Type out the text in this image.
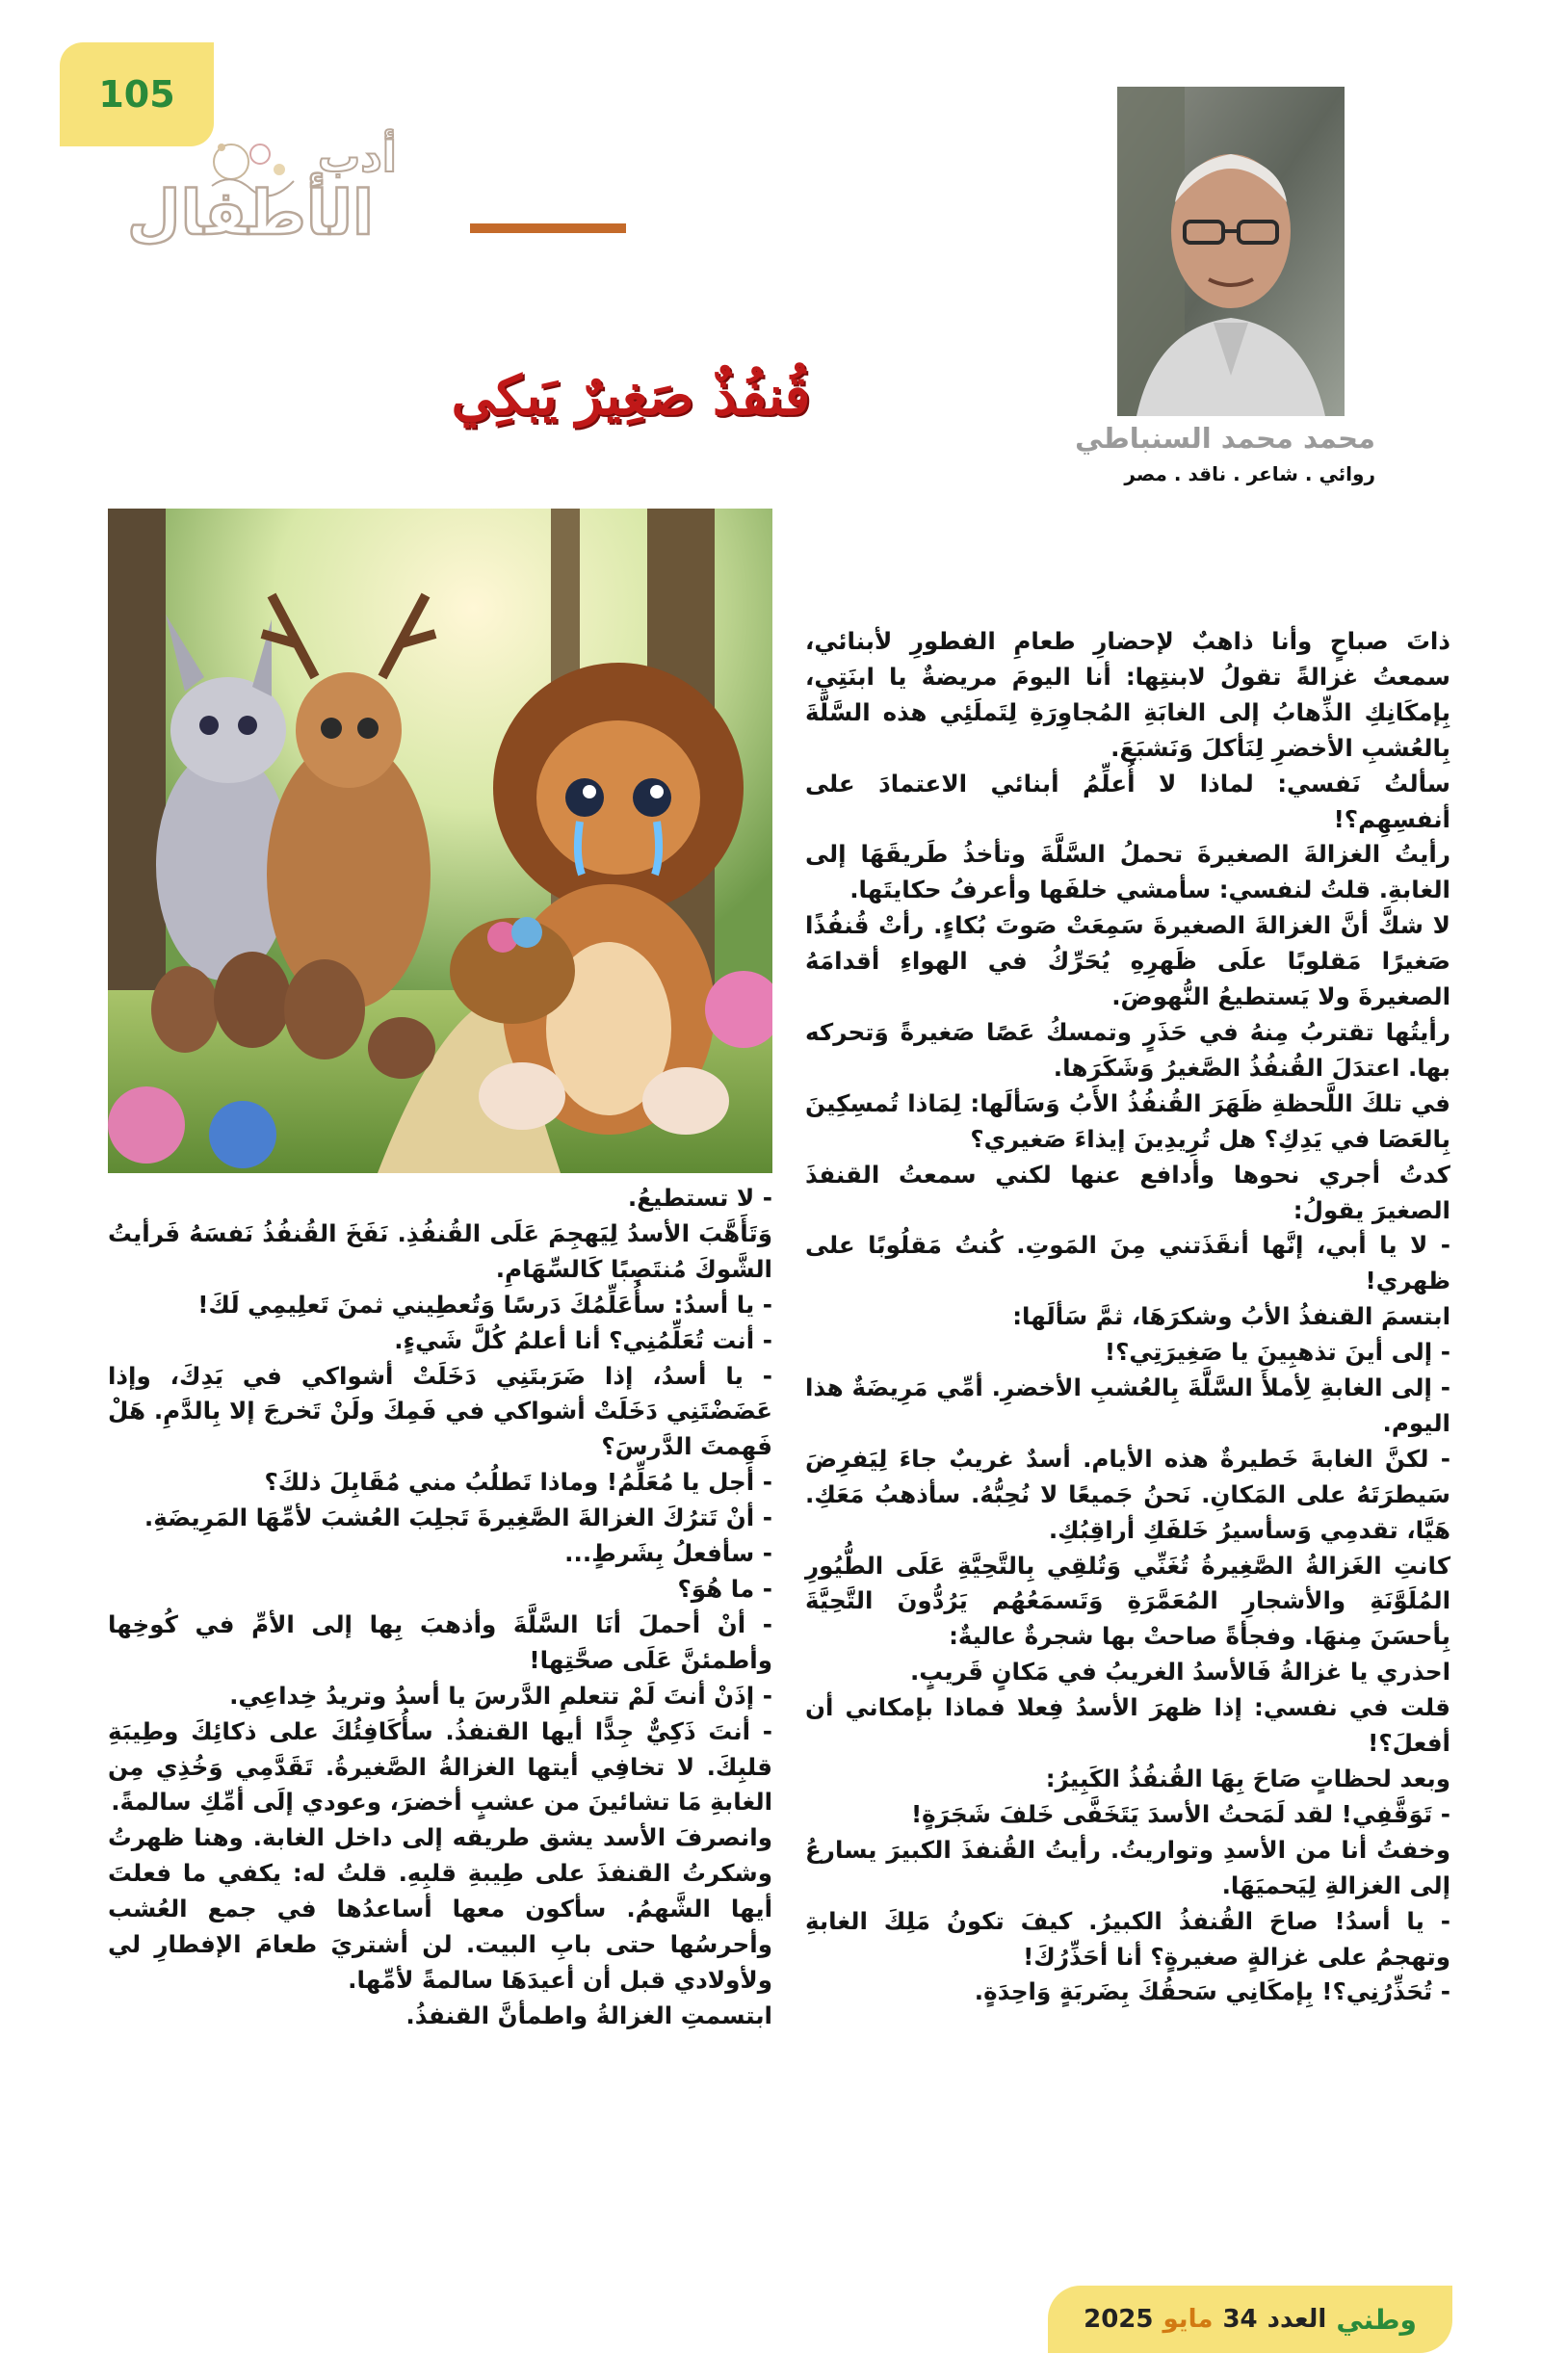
105
أدب
الأطفال
محمد محمد السنباطي
روائي . شاعر . ناقد . مصر
قُنفُذٌ صَغِيرٌ يَبكِي

ذاتَ صباحٍ وأنا ذاهبٌ لإحضارِ طعامِ الفطورِ لأبنائي، سمعتُ غزالةً تقولُ لابنتِها: أنا اليومَ مريضةٌ يا ابنَتِي، بِإمكَانِكِ الذِّهابُ إلى الغابَةِ المُجاوِرَةِ لِتَملَئِي هذه السَّلَّةَ بِالعُشبِ الأخضرِ لِنَأكلَ وَنَشبَعَ.

سألتُ نَفسي: لماذا لا أُعلِّمُ أبنائي الاعتمادَ على أنفسِهِم؟!

رأيتُ الغزالةَ الصغيرةَ تحملُ السَّلَّةَ وتأخذُ طَريقَهَا إلى الغابةِ. قلتُ لنفسي: سأمشي خلفَها وأعرفُ حكايتَها.

لا شكَّ أنَّ الغزالةَ الصغيرةَ سَمِعَتْ صَوتَ بُكاءٍ. رأتْ قُنفُذًا صَغيرًا مَقلوبًا علَى ظَهرِهِ يُحَرِّكُ في الهواءِ أقدامَهُ الصغيرةَ ولا يَستطيعُ النُّهوضَ.

رأيتُها تقتربُ مِنهُ في حَذَرٍ وتمسكُ عَصًا صَغيرةً وَتحركه بها. اعتدَلَ القُنفُذُ الصَّغيرُ وَشَكَرَها.

في تلكَ اللَّحظةِ ظَهَرَ القُنفُذُ الأَبُ وَسَألَها: لِمَاذا تُمسِكِينَ بِالعَصَا في يَدِكِ؟ هل تُرِيدِينَ إيذاءَ صَغيري؟

كدتُ أجري نحوها وأدافع عنها لكني سمعتُ القنفذَ الصغيرَ يقولُ:

- لا يا أبي، إنَّها أنقَذَتني مِنَ المَوتِ. كُنتُ مَقلُوبًا على ظهري!

ابتسمَ القنفذُ الأبُ وشكرَهَا، ثمَّ سَألَها:

- إلى أينَ تذهبِينَ يا صَغِيرَتِي؟!

- إلى الغابةِ لِأملأَ السَّلَّةَ بِالعُشبِ الأخضرِ. أمِّي مَرِيضَةٌ هذا اليوم.

- لكنَّ الغابةَ خَطيرةٌ هذه الأيام. أسدٌ غريبٌ جاءَ لِيَفرِضَ سَيطرَتَهُ على المَكانِ. نَحنُ جَميعًا لا نُحِبُّهُ. سأذهبُ مَعَكِ. هَيَّا، تقدمِي وَسأسيرُ خَلفَكِ أراقِبُكِ.

كانتِ الغَزالةُ الصَّغِيرةُ تُغَنِّي وَتُلقِي بِالتَّحِيَّةِ عَلَى الطُّيُورِ المُلَوَّنَةِ والأشجارِ المُعَمَّرَةِ وَتَسمَعُهُم يَرُدُّونَ التَّحِيَّةَ بِأحسَنَ مِنهَا. وفجأةً صاحتْ بها شجرةٌ عاليةٌ:

احذري يا غزالةُ فَالأسدُ الغريبُ في مَكانٍ قَريبٍ.

قلت في نفسي: إذا ظهرَ الأسدُ فِعلا فماذا بإمكاني أن أفعلَ؟!

وبعد لحظاتٍ صَاحَ بِهَا القُنفُذُ الكَبِيرُ:

- تَوَقَّفِي! لقد لَمَحتُ الأسدَ يَتَخَفَّى خَلفَ شَجَرَةٍ!

وخفتُ أنا من الأسدِ وتواريتُ. رأيتُ القُنفذَ الكبيرَ يسارعُ إلى الغزالةِ لِيَحميَهَا.

- يا أسدُ! صاحَ القُنفذُ الكبيرُ. كيفَ تكونُ مَلِكَ الغابةِ وتهجمُ على غزالةٍ صغيرةٍ؟ أنا أحَذِّرُكَ!

- تُحَذِّرُنِي؟! بِإمكَانِي سَحقُكَ بِضَربَةٍ وَاحِدَةٍ.

- لا تستطيعُ.

وَتَأَهَّبَ الأسدُ لِيَهجِمَ عَلَى القُنفُذِ. نَفَخَ القُنفُذُ نَفسَهُ فَرأيتُ الشَّوكَ مُنتَصِبًا كَالسِّهَامِ.

- يا أسدُ: سأُعَلِّمُكَ دَرسًا وَتُعطِيني ثمنَ تَعلِيمِي لَكَ!

- أنت تُعَلِّمُنِي؟ أنا أعلمُ كُلَّ شَيءٍ.

- يا أسدُ، إذا ضَرَبتَنِي دَخَلَتْ أشواكي في يَدِكَ، وإذا عَضَضْتَنِي دَخَلَتْ أشواكي في فَمِكَ ولَنْ تَخرجَ إلا بِالدَّمِ. هَلْ فَهِمتَ الدَّرسَ؟

- أجل يا مُعَلِّمُ! وماذا تَطلُبُ مني مُقَابِلَ ذلكَ؟

- أنْ تَترُكَ الغزالةَ الصَّغِيرةَ تَجلِبَ العُشبَ لأمِّهَا المَرِيضَةِ.

- سأفعلُ بِشَرطٍ...

- ما هُوَ؟

- أنْ أحملَ أنَا السَّلَّةَ وأذهبَ بِها إلى الأمِّ في كُوخِها وأطمئنَّ عَلَى صحَّتِها!

- إذَنْ أنتَ لَمْ تتعلمِ الدَّرسَ يا أسدُ وتريدُ خِداعِي.

- أنتَ ذَكِيٌّ جِدًّا أيها القنفذُ. سأُكَافِئُكَ على ذكائِكَ وطِيبَةِ قلبِكَ. لا تخافِي أيتها الغزالةُ الصَّغيرةُ. تَقَدَّمِي وَخُذِي مِن الغابةِ مَا تشائينَ من عشبٍ أخضرَ، وعودي إلَى أمِّكِ سالمةً.

وانصرفَ الأسد يشق طريقه إلى داخل الغابة. وهنا ظهرتُ وشكرتُ القنفذَ على طِيبةِ قلبِهِ. قلتُ له: يكفي ما فعلتَ أيها الشَّهمُ. سأكون معها أساعدُها في جمع العُشب وأحرسُها حتى بابِ البيت. لن أشتريَ طعامَ الإفطارِ لي ولأولادي قبل أن أعيدَهَا سالمةً لأمِّها.

ابتسمتِ الغزالةُ واطمأنَّ القنفذُ.

وطني
العدد
34
مايو
2025
